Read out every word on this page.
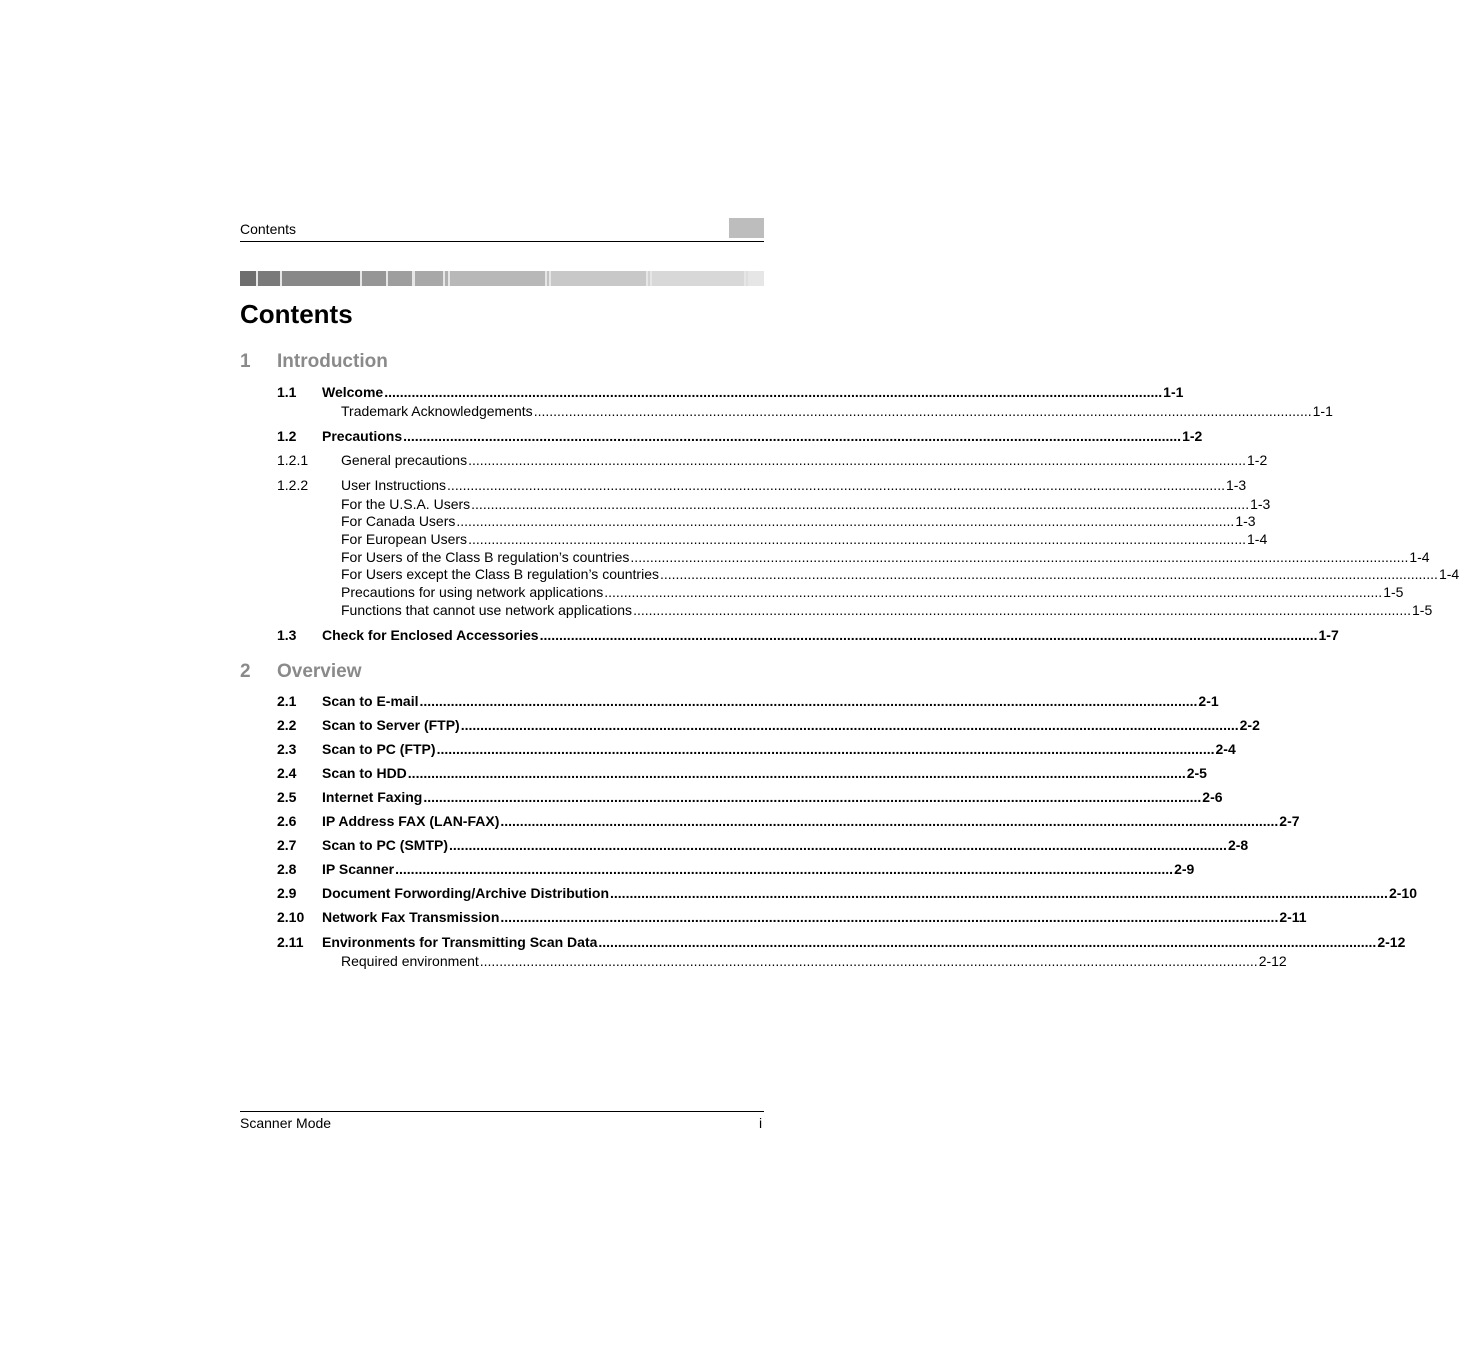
Contents
Contents
1 Introduction
2 Overview
1.1 Welcome ........................................................................................................................................................................................................ 1-1
Trademark Acknowledgements ........................................................................................................................................................................................................ 1-1
1.2 Precautions ........................................................................................................................................................................................................ 1-2
1.2.1 General precautions ........................................................................................................................................................................................................ 1-2
1.2.2 User Instructions ........................................................................................................................................................................................................ 1-3
For the U.S.A. Users ........................................................................................................................................................................................................ 1-3
For Canada Users ........................................................................................................................................................................................................ 1-3
For European Users ........................................................................................................................................................................................................ 1-4
For Users of the Class B regulation’s countries ........................................................................................................................................................................................................ 1-4
For Users except the Class B regulation’s countries ........................................................................................................................................................................................................ 1-4
Precautions for using network applications ........................................................................................................................................................................................................ 1-5
Functions that cannot use network applications ........................................................................................................................................................................................................ 1-5
1.3 Check for Enclosed Accessories ........................................................................................................................................................................................................ 1-7
2.1 Scan to E-mail ........................................................................................................................................................................................................ 2-1
2.2 Scan to Server (FTP) ........................................................................................................................................................................................................ 2-2
2.3 Scan to PC (FTP) ........................................................................................................................................................................................................ 2-4
2.4 Scan to HDD ........................................................................................................................................................................................................ 2-5
2.5 Internet Faxing ........................................................................................................................................................................................................ 2-6
2.6 IP Address FAX (LAN-FAX) ........................................................................................................................................................................................................ 2-7
2.7 Scan to PC (SMTP) ........................................................................................................................................................................................................ 2-8
2.8 IP Scanner ........................................................................................................................................................................................................ 2-9
2.9 Document Forwording/Archive Distribution ........................................................................................................................................................................................................ 2-10
2.10 Network Fax Transmission ........................................................................................................................................................................................................ 2-11
2.11 Environments for Transmitting Scan Data ........................................................................................................................................................................................................ 2-12
Required environment ........................................................................................................................................................................................................ 2-12
Scanner Mode	i
